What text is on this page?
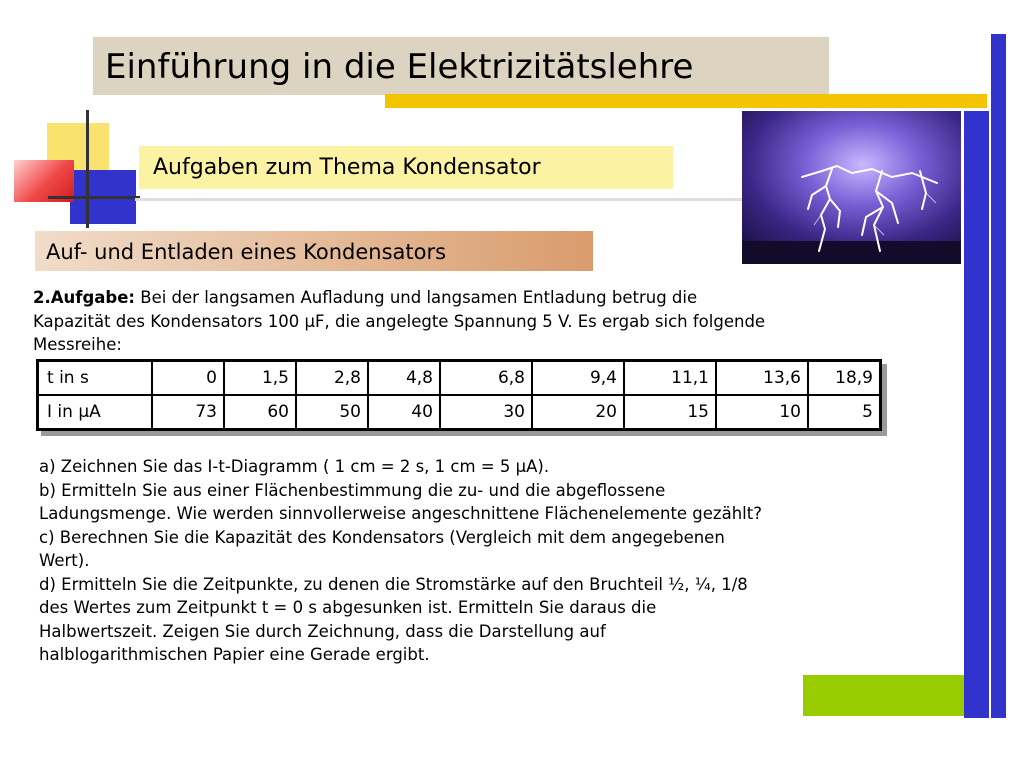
Einführung in die Elektrizitätslehre
Aufgaben zum Thema Kondensator
Auf- und Entladen eines Kondensators
2.Aufgabe: Bei der langsamen Aufladung und langsamen Entladung betrug die
Kapazität des Kondensators 100 µF, die angelegte Spannung 5 V. Es ergab sich folgende
Messreihe:
t in s	0	1,5	2,8	4,8	6,8	9,4	11,1	13,6	18,9
I in µA	73	60	50	40	30	20	15	10	5
a) Zeichnen Sie das I-t-Diagramm ( 1 cm = 2 s, 1 cm = 5 µA).
b) Ermitteln Sie aus einer Flächenbestimmung die zu- und die abgeflossene
Ladungsmenge. Wie werden sinnvollerweise angeschnittene Flächenelemente gezählt?
c) Berechnen Sie die Kapazität des Kondensators (Vergleich mit dem angegebenen
Wert).
d) Ermitteln Sie die Zeitpunkte, zu denen die Stromstärke auf den Bruchteil ½, ¼, 1/8
des Wertes zum Zeitpunkt t = 0 s abgesunken ist. Ermitteln Sie daraus die
Halbwertszeit. Zeigen Sie durch Zeichnung, dass die Darstellung auf
halblogarithmischen Papier eine Gerade ergibt.
